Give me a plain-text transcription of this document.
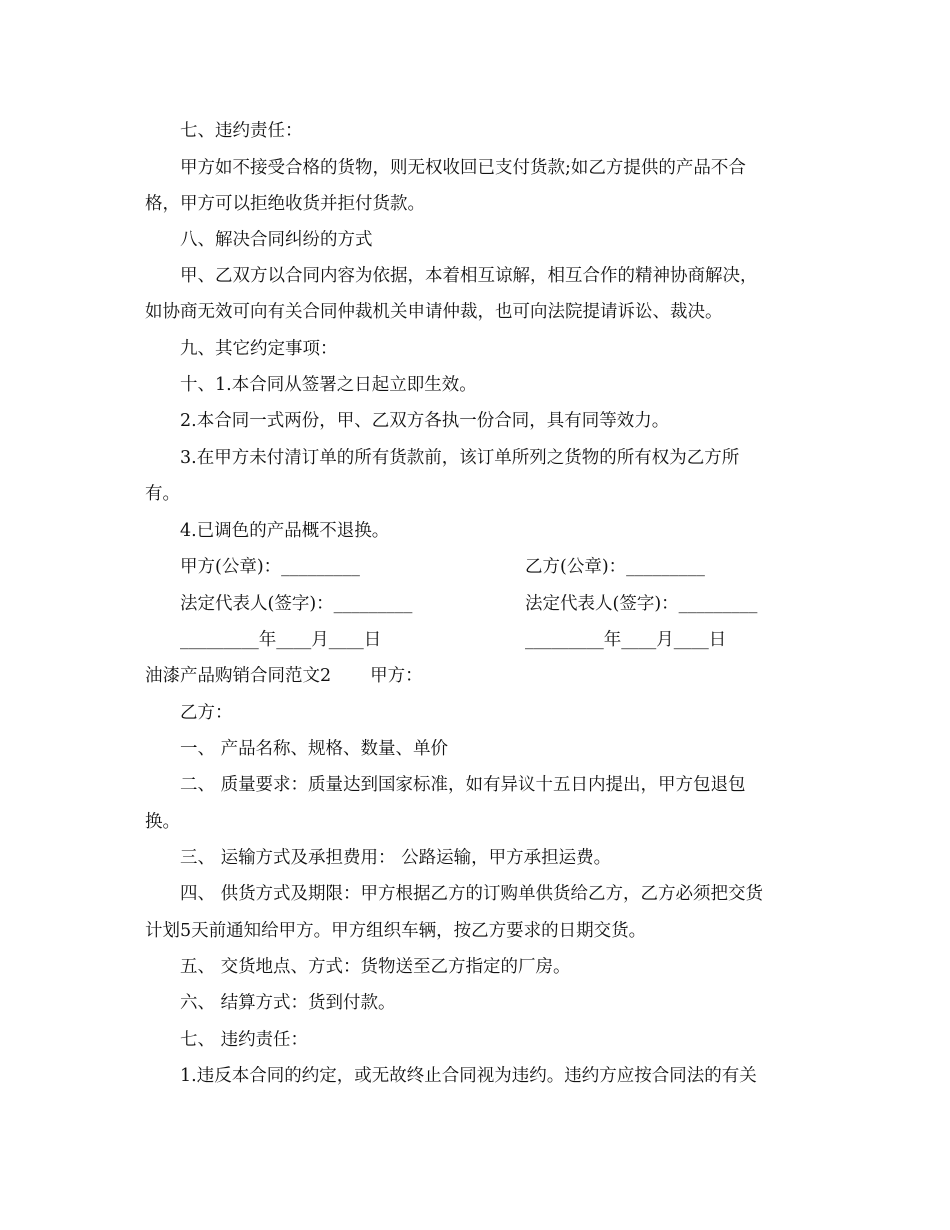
七、违约责任：
甲方如不接受合格的货物，则无权收回已支付货款;如乙方提供的产品不合
格，甲方可以拒绝收货并拒付货款。
八、解决合同纠纷的方式
甲、乙双方以合同内容为依据，本着相互谅解，相互合作的精神协商解决，
如协商无效可向有关合同仲裁机关申请仲裁，也可向法院提请诉讼、裁决。
九、其它约定事项：
十、1.本合同从签署之日起立即生效。
2.本合同一式两份，甲、乙双方各执一份合同，具有同等效力。
3.在甲方未付清订单的所有货款前，该订单所列之货物的所有权为乙方所
有。
4.已调色的产品概不退换。
甲方(公章)：_________	乙方(公章)：_________
法定代表人(签字)：_________	法定代表人(签字)：_________
_________年____月____日	_________年____月____日
油漆产品购销合同范文2       甲方：
乙方：
一、 产品名称、规格、数量、单价
二、 质量要求：质量达到国家标准，如有异议十五日内提出，甲方包退包
换。
三、 运输方式及承担费用： 公路运输，甲方承担运费。
四、 供货方式及期限：甲方根据乙方的订购单供货给乙方，乙方必须把交货
计划5天前通知给甲方。甲方组织车辆，按乙方要求的日期交货。
五、 交货地点、方式：货物送至乙方指定的厂房。
六、 结算方式：货到付款。
七、 违约责任：
1.违反本合同的约定，或无故终止合同视为违约。违约方应按合同法的有关
